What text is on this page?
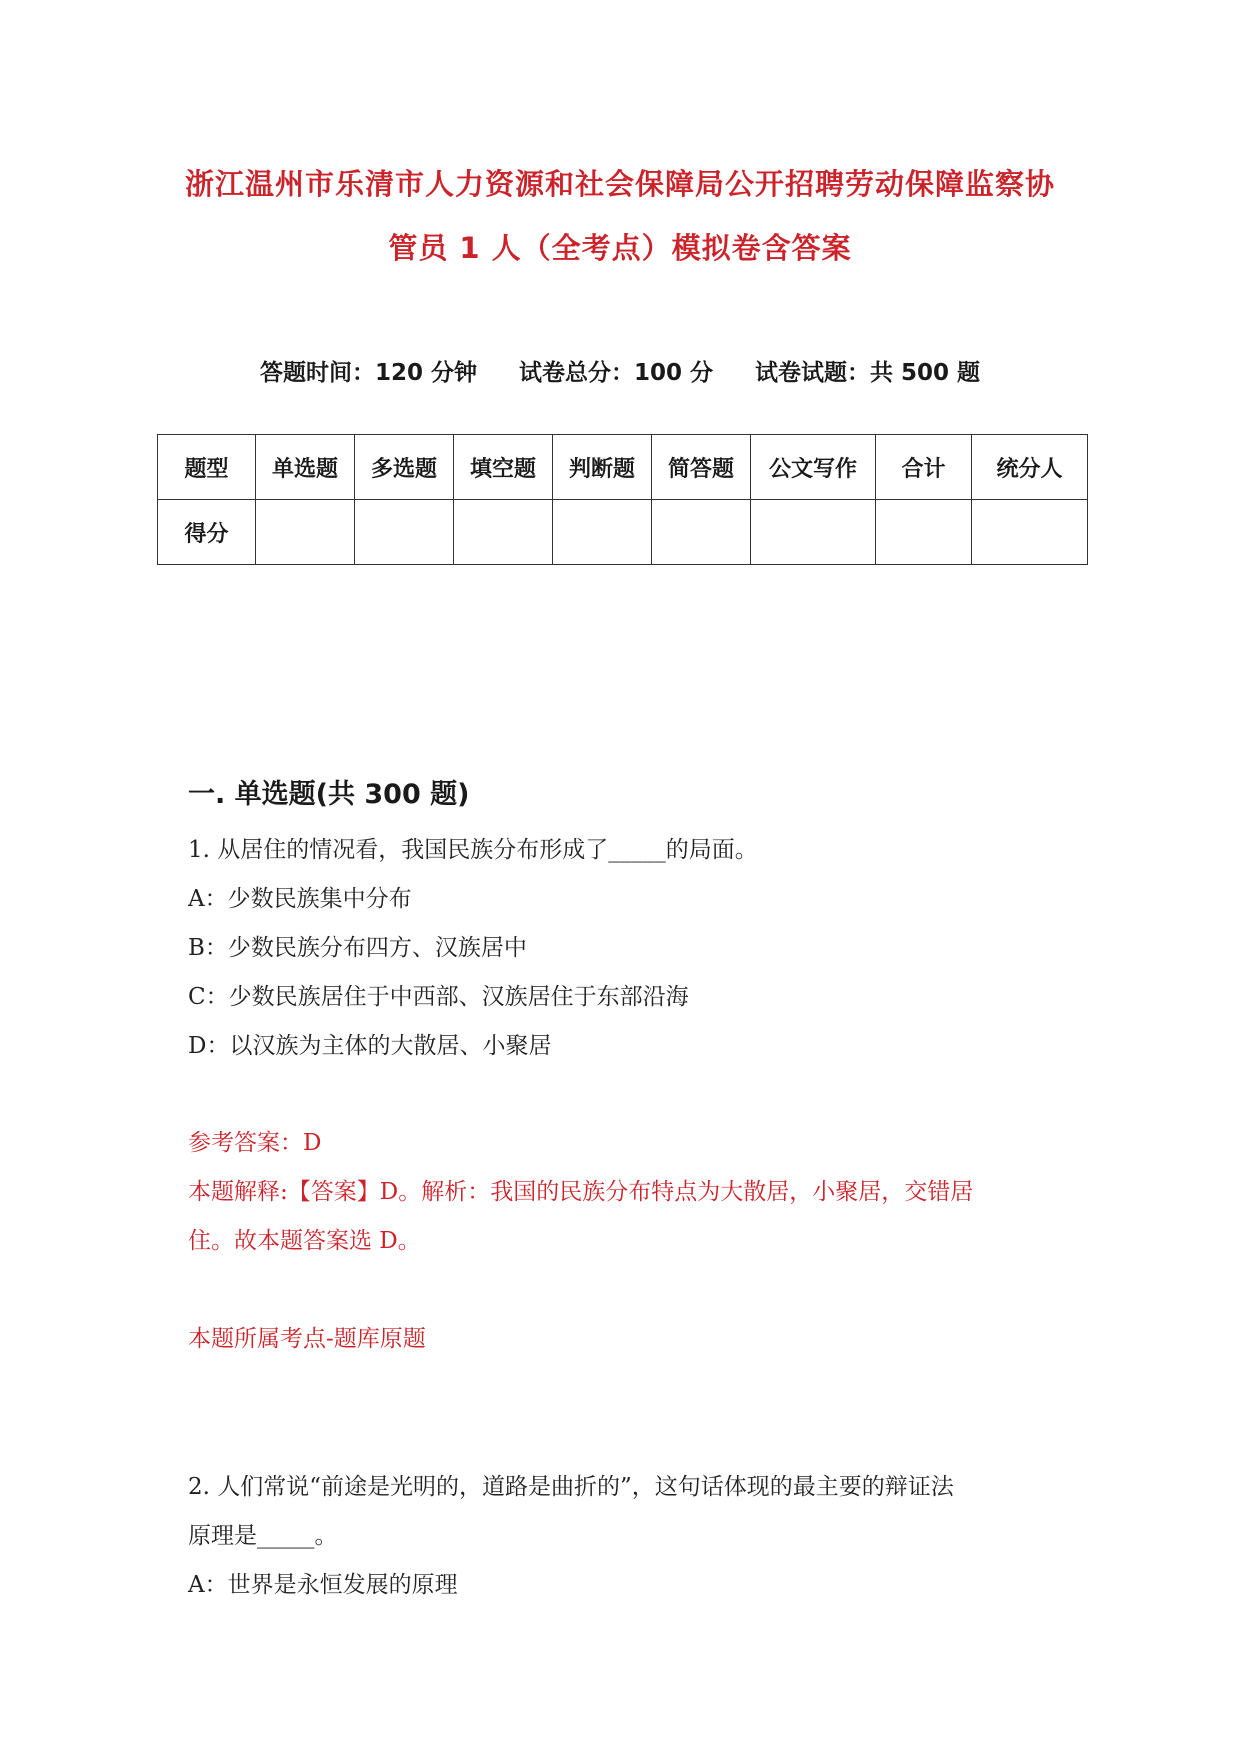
浙江温州市乐清市人力资源和社会保障局公开招聘劳动保障监察协
管员 1 人（全考点）模拟卷含答案
答题时间：120 分钟 试卷总分：100 分 试卷试题：共 500 题
题型	单选题	多选题	填空题	判断题	简答题	公文写作	合计	统分人
得分								
一. 单选题(共 300 题)
1. 从居住的情况看，我国民族分布形成了_____的局面。
A：少数民族集中分布
B：少数民族分布四方、汉族居中
C：少数民族居住于中西部、汉族居住于东部沿海
D：以汉族为主体的大散居、小聚居
参考答案：D
本题解释:【答案】D。解析：我国的民族分布特点为大散居，小聚居，交错居
住。故本题答案选 D。
本题所属考点-题库原题
2. 人们常说“前途是光明的，道路是曲折的”，这句话体现的最主要的辩证法
原理是_____。
A：世界是永恒发展的原理
